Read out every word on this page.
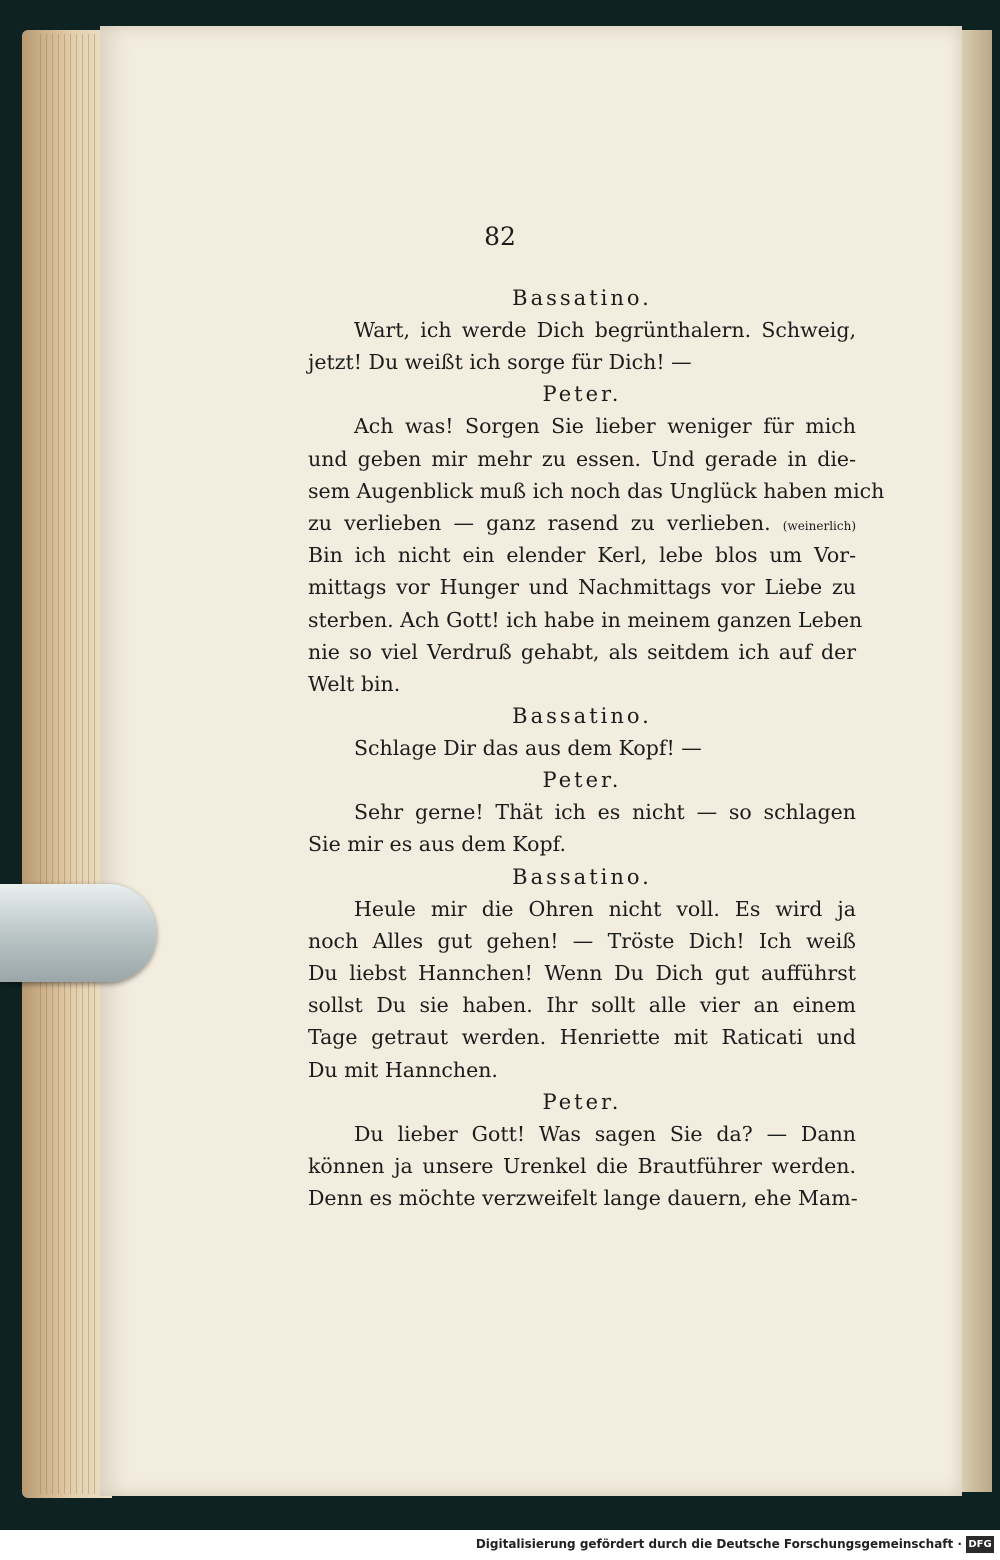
82
Bassatino.
Wart, ich werde Dich begrünthalern. Schweig,
jetzt! Du weißt ich sorge für Dich! —
Peter.
Ach was! Sorgen Sie lieber weniger für mich
und geben mir mehr zu essen. Und gerade in die-
sem Augenblick muß ich noch das Unglück haben mich
zu verlieben — ganz rasend zu verlieben. (weinerlich)
Bin ich nicht ein elender Kerl, lebe blos um Vor-
mittags vor Hunger und Nachmittags vor Liebe zu
sterben. Ach Gott! ich habe in meinem ganzen Leben
nie so viel Verdruß gehabt, als seitdem ich auf der
Welt bin.
Bassatino.
Schlage Dir das aus dem Kopf! —
Peter.
Sehr gerne! Thät ich es nicht — so schlagen
Sie mir es aus dem Kopf.
Bassatino.
Heule mir die Ohren nicht voll. Es wird ja
noch Alles gut gehen! — Tröste Dich! Ich weiß
Du liebst Hannchen! Wenn Du Dich gut aufführst
sollst Du sie haben. Ihr sollt alle vier an einem
Tage getraut werden. Henriette mit Raticati und
Du mit Hannchen.
Peter.
Du lieber Gott! Was sagen Sie da? — Dann
können ja unsere Urenkel die Brautführer werden.
Denn es möchte verzweifelt lange dauern, ehe Mam-
Digitalisierung gefördert durch die Deutsche Forschungsgemeinschaft · DFG
